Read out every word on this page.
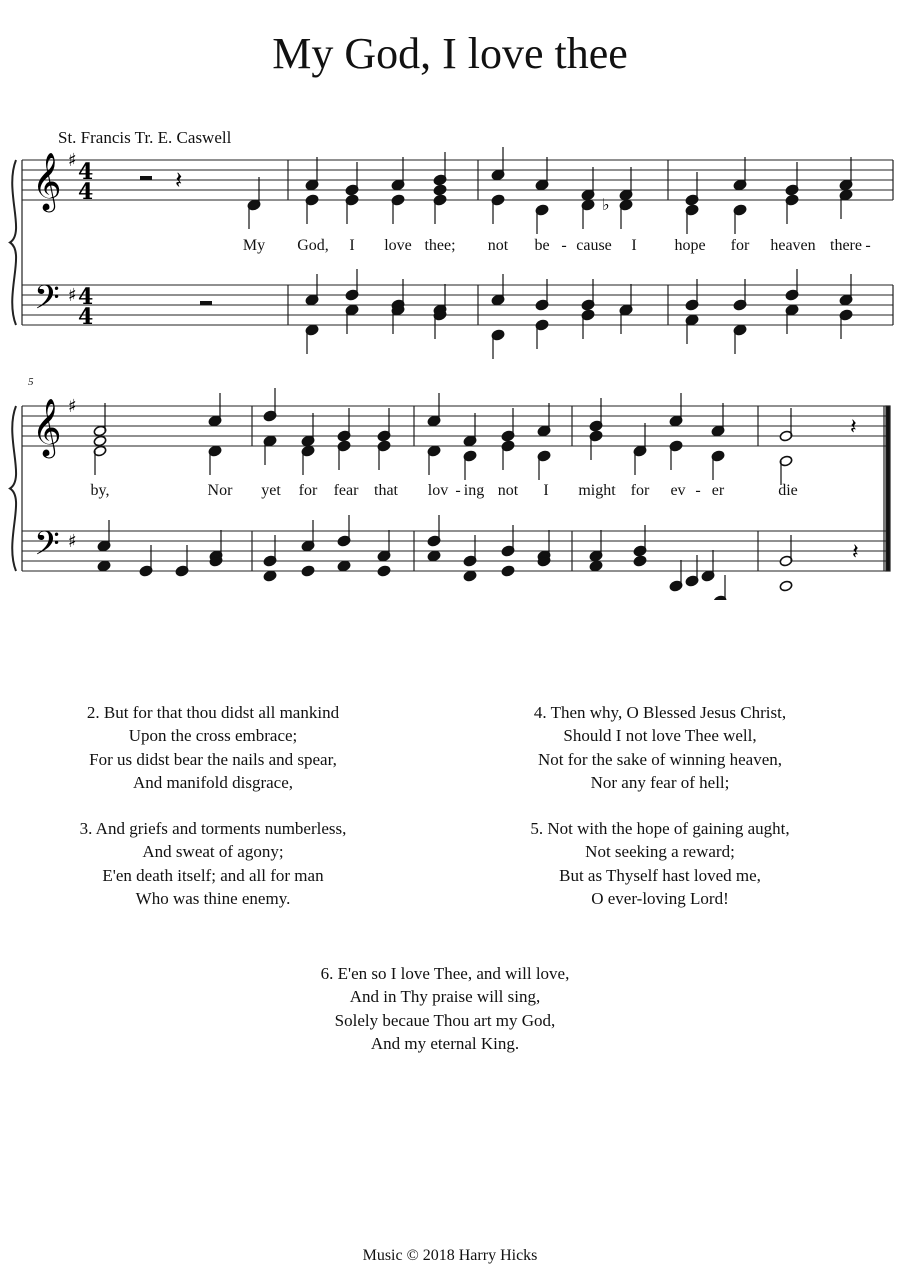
My God, I love thee
St. Francis Tr. E. Caswell
𝄞
𝄢
♯
♯
4
4
4
4
𝄽
𝄞
𝄢
♯
♯
𝄽
𝄽
♭
5
My God, I love thee; not be - cause I hope for heaven there -
by,	Nor yet for fear that lov - ing not I might for ev - er	die
2. But for that thou didst all mankind
Upon the cross embrace;
For us didst bear the nails and spear,
And manifold disgrace,
3. And griefs and torments numberless,
And sweat of agony;
E'en death itself; and all for man
Who was thine enemy.
4. Then why, O Blessed Jesus Christ,
Should I not love Thee well,
Not for the sake of winning heaven,
Nor any fear of hell;
5. Not with the hope of gaining aught,
Not seeking a reward;
But as Thyself hast loved me,
O ever-loving Lord!
6. E'en so I love Thee, and will love,
And in Thy praise will sing,
Solely becaue Thou art my God,
And my eternal King.
Music © 2018 Harry Hicks
